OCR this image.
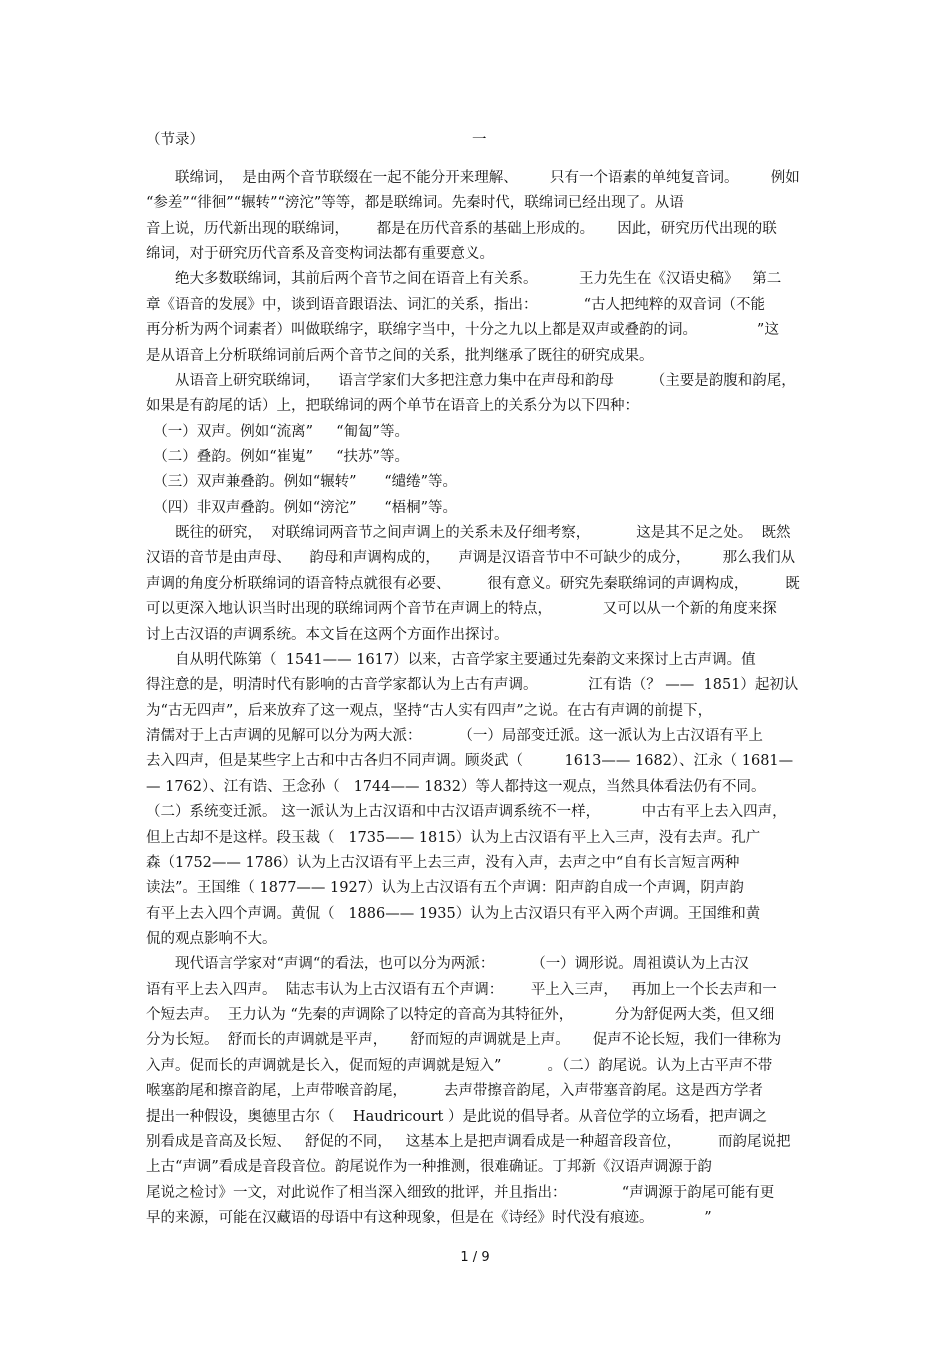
（节录）	一
　　联绵词，  是由两个音节联缀在一起不能分开来理解、       只有一个语素的单纯复音词。       例如
“参差”“徘徊”“辗转”“滂沱”等等，都是联绵词。先秦时代，联绵词已经出现了。从语
音上说，历代新出现的联绵词，      都是在历代音系的基础上形成的。     因此，研究历代出现的联
绵词，对于研究历代音系及音变构词法都有重要意义。
　　绝大多数联绵词，其前后两个音节之间在语音上有关系。         王力先生在《汉语史稿》   第二
章《语音的发展》中，谈到语音跟语法、词汇的关系，指出：          “古人把纯粹的双音词（不能
再分析为两个词素者）叫做联绵字，联绵字当中，十分之九以上都是双声或叠韵的词。             ”这
是从语音上分析联绵词前后两个音节之间的关系，批判继承了既往的研究成果。
　　从语音上研究联绵词，    语言学家们大多把注意力集中在声母和韵母        （主要是韵腹和韵尾，
如果是有韵尾的话）上，把联绵词的两个单节在语音上的关系分为以下四种：
　（一）双声。例如“流离”     “匍匐”等。
　（二）叠韵。例如“崔嵬”     “扶苏”等。
　（三）双声兼叠韵。例如“辗转”      “缱绻”等。
　（四）非双声叠韵。例如“滂沱”      “梧桐”等。
　　既往的研究，  对联绵词两音节之间声调上的关系未及仔细考察，          这是其不足之处。  既然
汉语的音节是由声母、    韵母和声调构成的，    声调是汉语音节中不可缺少的成分，       那么我们从
声调的角度分析联绵词的语音特点就很有必要、        很有意义。研究先秦联绵词的声调构成，        既
可以更深入地认识当时出现的联绵词两个音节在声调上的特点，           又可以从一个新的角度来探
讨上古汉语的声调系统。本文旨在这两个方面作出探讨。
　　自从明代陈第（  1541—— 1617）以来，古音学家主要通过先秦韵文来探讨上古声调。值
得注意的是，明清时代有影响的古音学家都认为上古有声调。           江有诰（？ ——  1851）起初认
为“古无四声”，后来放弃了这一观点，坚持“古人实有四声”之说。在古有声调的前提下，
清儒对于上古声调的见解可以分为两大派：        （一）局部变迁派。这一派认为上古汉语有平上
去入四声，但是某些字上古和中古各归不同声调。顾炎武（         1613—— 1682）、江永（ 1681—
— 1762）、江有诰、王念孙（   1744—— 1832）等人都持这一观点，当然具体看法仍有不同。
（二）系统变迁派。 这一派认为上古汉语和中古汉语声调系统不一样，         中古有平上去入四声，
但上古却不是这样。段玉裁（   1735—— 1815）认为上古汉语有平上入三声，没有去声。孔广
森（1752—— 1786）认为上古汉语有平上去三声，没有入声，去声之中“自有长言短言两种
读法”。王国维（ 1877—— 1927）认为上古汉语有五个声调：阳声韵自成一个声调，阴声韵
有平上去入四个声调。黄侃（   1886—— 1935）认为上古汉语只有平入两个声调。王国维和黄
侃的观点影响不大。
　　现代语言学家对“声调“的看法，也可以分为两派：        （一）调形说。周祖谟认为上古汉
语有平上去入四声。  陆志韦认为上古汉语有五个声调：      平上入三声，   再加上一个长去声和一
个短去声。  王力认为 “先秦的声调除了以特定的音高为其特征外，         分为舒促两大类，但又细
分为长短。  舒而长的声调就是平声，     舒而短的声调就是上声。     促声不论长短，我们一律称为
入声。促而长的声调就是长入，促而短的声调就是短入”          。（二）韵尾说。认为上古平声不带
喉塞韵尾和擦音韵尾，上声带喉音韵尾，        去声带擦音韵尾，入声带塞音韵尾。这是西方学者
提出一种假设，奥德里古尔（    Haudricourt ）是此说的倡导者。从音位学的立场看，把声调之
别看成是音高及长短、   舒促的不同，   这基本上是把声调看成是一种超音段音位，        而韵尾说把
上古“声调”看成是音段音位。韵尾说作为一种推测，很难确证。丁邦新《汉语声调源于韵
尾说之检讨》一文，对此说作了相当深入细致的批评，并且指出：            “声调源于韵尾可能有更
早的来源，可能在汉藏语的母语中有这种现象，但是在《诗经》时代没有痕迹。           ”
1 / 9
